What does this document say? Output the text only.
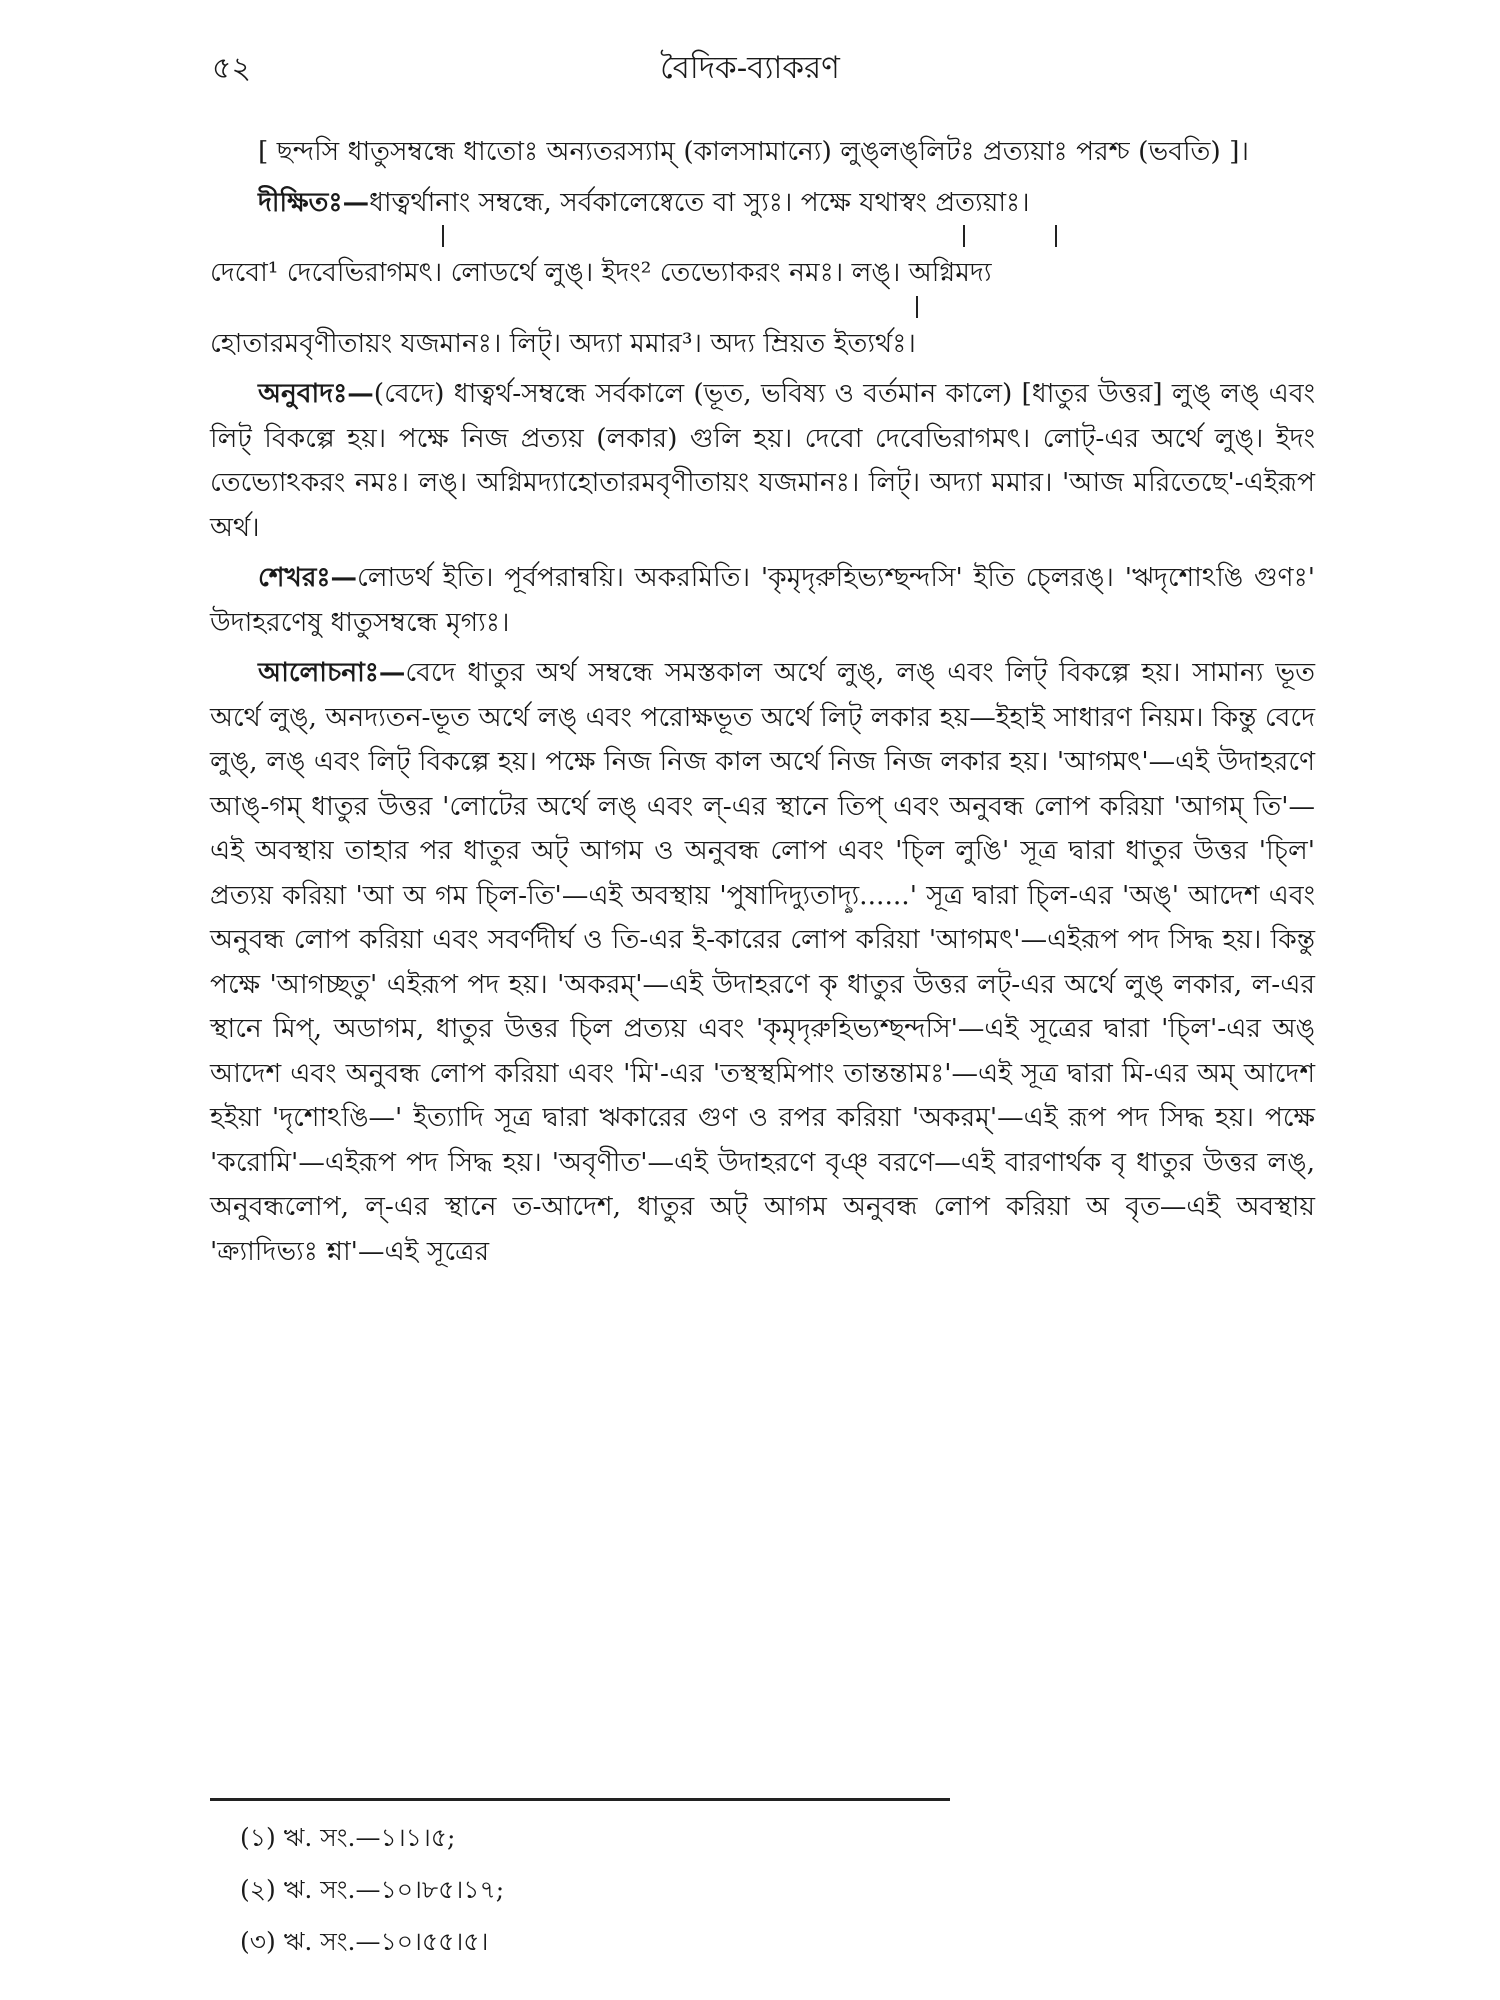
৫২	বৈদিক-ব্যাকরণ

[ ছন্দসি ধাতুসম্বন্ধে ধাতোঃ অন্যতরস্যাম্ (কালসামান্যে) লুঙ্‌লঙ্‌লিটঃ প্রত্যয়াঃ পরশ্চ (ভবতি) ]।

দীক্ষিতঃ—ধাত্বর্থানাং সম্বন্ধে, সর্বকালেষ্বেতে বা স্যুঃ। পক্ষে যথাস্বং প্রত্যয়াঃ।

দেবো¹ দেবেভিরাগমৎ। লোডর্থে লুঙ্। ইদং² তেভ্যোকরং নমঃ। লঙ্। অগ্নিমদ্য

হোতারমবৃণীতায়ং যজমানঃ। লিট্। অদ্যা মমার³। অদ্য ম্রিয়ত ইত্যর্থঃ।

অনুবাদঃ—(বেদে) ধাত্বর্থ-সম্বন্ধে সর্বকালে (ভূত, ভবিষ্য ও বর্তমান কালে) [ধাতুর উত্তর] লুঙ্ লঙ্ এবং লিট্ বিকল্পে হয়। পক্ষে নিজ প্রত্যয় (লকার) গুলি হয়। দেবো দেবেভিরাগমৎ। লোট্-এর অর্থে লুঙ্। ইদং তেভ্যোঽকরং নমঃ। লঙ্। অগ্নিমদ্যাহোতারমবৃণীতায়ং যজমানঃ। লিট্। অদ্যা মমার। 'আজ মরিতেছে'-এইরূপ অর্থ।

শেখরঃ—লোডর্থ ইতি। পূর্বপরান্বয়ি। অকরমিতি। 'কৃমৃদৃরুহিভ্যশ্ছন্দসি' ইতি চ্লেরঙ্। 'ঋদৃশোঽঙি গুণঃ' উদাহরণেষু ধাতুসম্বন্ধে মৃগ্যঃ।

আলোচনাঃ—বেদে ধাতুর অর্থ সম্বন্ধে সমস্তকাল অর্থে লুঙ্, লঙ্ এবং লিট্ বিকল্পে হয়। সামান্য ভূত অর্থে লুঙ্, অনদ্যতন-ভূত অর্থে লঙ্ এবং পরোক্ষভূত অর্থে লিট্ লকার হয়—ইহাই সাধারণ নিয়ম। কিন্তু বেদে লুঙ্, লঙ্ এবং লিট্ বিকল্পে হয়। পক্ষে নিজ নিজ কাল অর্থে নিজ নিজ লকার হয়। 'আগমৎ'—এই উদাহরণে আঙ্-গম্ ধাতুর উত্তর 'লোটের অর্থে লঙ্ এবং ল্-এর স্থানে তিপ্ এবং অনুবন্ধ লোপ করিয়া 'আগম্ তি'—এই অবস্থায় তাহার পর ধাতুর অট্ আগম ও অনুবন্ধ লোপ এবং 'চ্লি লুঙি' সূত্র দ্বারা ধাতুর উত্তর 'চ্লি' প্রত্যয় করিয়া 'আ অ গম চ্লি-তি'—এই অবস্থায় 'পুষাদিদ্যুতাদ্যৢ......' সূত্র দ্বারা চ্লি-এর 'অঙ্' আদেশ এবং অনুবন্ধ লোপ করিয়া এবং সবর্ণদীর্ঘ ও তি-এর ই-কারের লোপ করিয়া 'আগমৎ'—এইরূপ পদ সিদ্ধ হয়। কিন্তু পক্ষে 'আগচ্ছতু' এইরূপ পদ হয়। 'অকরম্'—এই উদাহরণে কৃ ধাতুর উত্তর লট্-এর অর্থে লুঙ্ লকার, ল-এর স্থানে মিপ্, অডাগম, ধাতুর উত্তর চ্লি প্রত্যয় এবং 'কৃমৃদৃরুহিভ্যশ্ছন্দসি'—এই সূত্রের দ্বারা 'চ্লি'-এর অঙ্ আদেশ এবং অনুবন্ধ লোপ করিয়া এবং 'মি'-এর 'তস্থস্থমিপাং তান্তন্তামঃ'—এই সূত্র দ্বারা মি-এর অম্ আদেশ হইয়া 'দৃশোঽঙি—' ইত্যাদি সূত্র দ্বারা ঋকারের গুণ ও রপর করিয়া 'অকরম্'—এই রূপ পদ সিদ্ধ হয়। পক্ষে 'করোমি'—এইরূপ পদ সিদ্ধ হয়। 'অবৃণীত'—এই উদাহরণে বৃঞ্ বরণে—এই বারণার্থক বৃ ধাতুর উত্তর লঙ্, অনুবন্ধলোপ, ল্-এর স্থানে ত-আদেশ, ধাতুর অট্ আগম অনুবন্ধ লোপ করিয়া অ বৃত—এই অবস্থায় 'ক্র্যাদিভ্যঃ শ্না'—এই সূত্রের

(১) ঋ. সং.—১।১।৫;
(২) ঋ. সং.—১০।৮৫।১৭;
(৩) ঋ. সং.—১০।৫৫।৫।
